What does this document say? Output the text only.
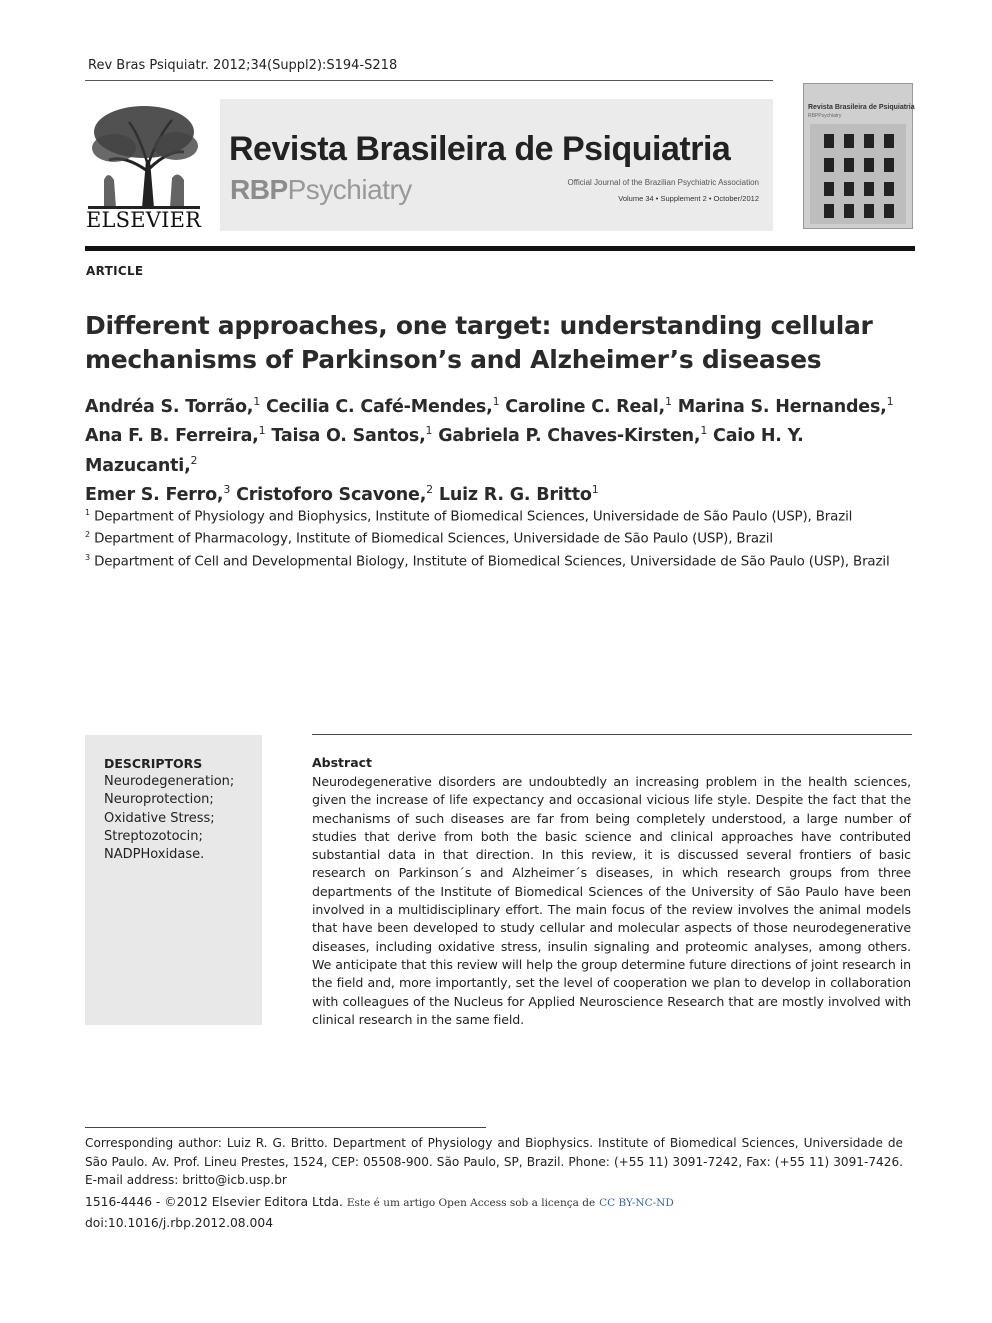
Rev Bras Psiquiatr. 2012;34(Suppl2):S194-S218
ELSEVIER
Revista Brasileira de Psiquiatria
RBPPsychiatry	Official Journal of the Brazilian Psychiatric Association
Volume 34 • Supplement 2 • October/2012
Revista Brasileira de Psiquiatria
RBPPsychiatry
ARTICLE
Different approaches, one target: understanding cellular
mechanisms of Parkinson’s and Alzheimer’s diseases
Andréa S. Torrão,$^1$ Cecilia C. Café-Mendes,$^1$ Caroline C. Real,$^1$ Marina S. Hernandes,$^1$
Ana F. B. Ferreira,$^1$ Taisa O. Santos,$^1$ Gabriela P. Chaves-Kirsten,$^1$ Caio H. Y. Mazucanti,$^2$
Emer S. Ferro,$^3$ Cristoforo Scavone,$^2$ Luiz R. G. Britto$^1$
$^1$ Department of Physiology and Biophysics, Institute of Biomedical Sciences, Universidade de São Paulo (USP), Brazil
$^2$ Department of Pharmacology, Institute of Biomedical Sciences, Universidade de São Paulo (USP), Brazil
$^3$ Department of Cell and Developmental Biology, Institute of Biomedical Sciences, Universidade de São Paulo (USP), Brazil
DESCRIPTORS
Neurodegeneration;
Neuroprotection;
Oxidative Stress;
Streptozotocin;
NADPHoxidase.
Abstract
Neurodegenerative disorders are undoubtedly an increasing problem in the health sciences, given the increase of life expectancy and occasional vicious life style. Despite the fact that the mechanisms of such diseases are far from being completely understood, a large number of studies that derive from both the basic science and clinical approaches have contributed substantial data in that direction. In this review, it is discussed several frontiers of basic research on Parkinson´s and Alzheimer´s diseases, in which research groups from three departments of the Institute of Biomedical Sciences of the University of São Paulo have been involved in a multidisciplinary effort. The main focus of the review involves the animal models that have been developed to study cellular and molecular aspects of those neurodegenerative diseases, including oxidative stress, insulin signaling and proteomic analyses, among others. We anticipate that this review will help the group determine future directions of joint research in the field and, more importantly, set the level of cooperation we plan to develop in collaboration with colleagues of the Nucleus for Applied Neuroscience Research that are mostly involved with clinical research in the same field.
Corresponding author: Luiz R. G. Britto. Department of Physiology and Biophysics. Institute of Biomedical Sciences, Universidade de São Paulo. Av. Prof. Lineu Prestes, 1524, CEP: 05508-900. São Paulo, SP, Brazil. Phone: (+55 11) 3091-7242, Fax: (+55 11) 3091-7426. E-mail address: britto@icb.usp.br
1516-4446 - ©2012 Elsevier Editora Ltda. Este é um artigo Open Access sob a licença de CC BY-NC-ND
doi:10.1016/j.rbp.2012.08.004
